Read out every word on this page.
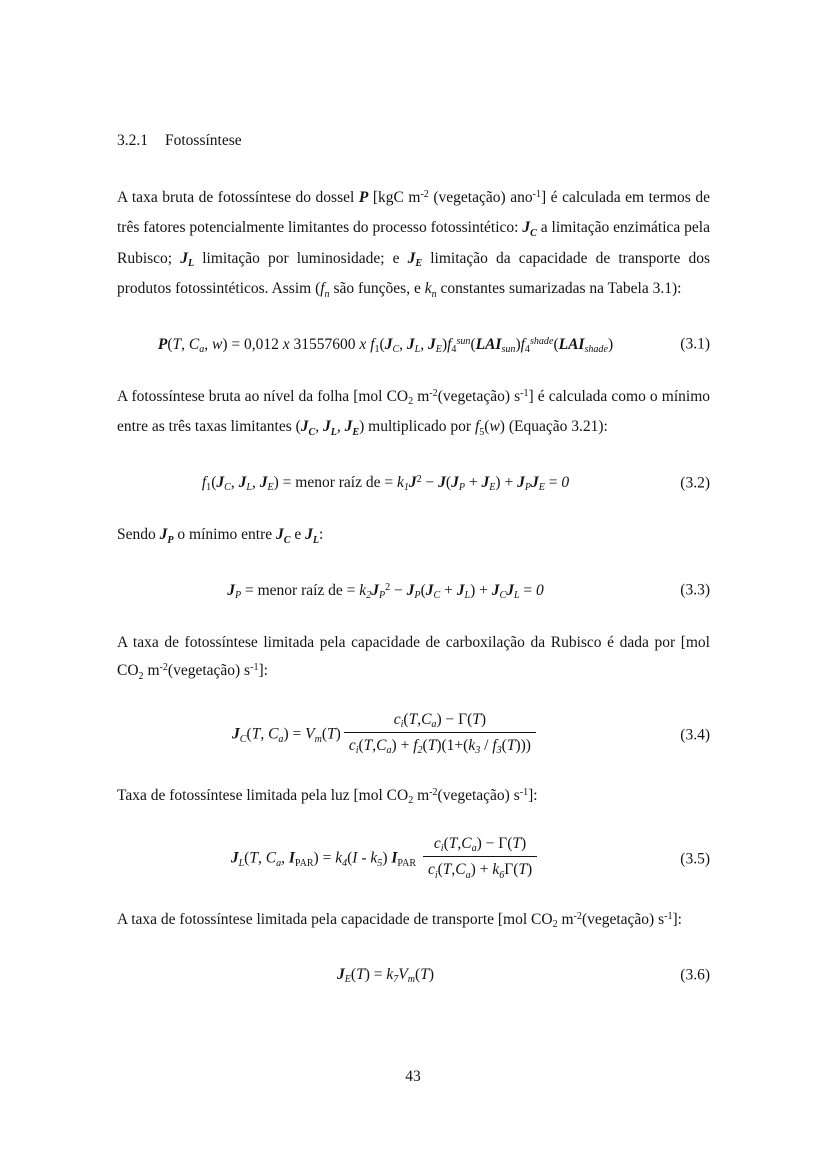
3.2.1 Fotossíntese

A taxa bruta de fotossíntese do dossel P [kgC $m^{-2}$ (vegetação) ano$^{-1}$] é calculada em termos de três fatores potencialmente limitantes do processo fotossintético: $J_C$ a limitação enzimática pela Rubisco; $J_L$ limitação por luminosidade; e $J_E$ limitação da capacidade de transporte dos produtos fotossintéticos. Assim ($f_n$ são funções, e $k_n$ constantes sumarizadas na Tabela 3.1):

P(T, $C_a$, w) = 0,012 x 31557600 x $f_1(J_C$, $J_L$, $J_E)f_4^{sun}(LAI_{sun})f_4^{shade}(LAI_{shade})$	(3.1)

A fotossíntese bruta ao nível da folha [mol $CO_2$ $m^{-2}(vegetação)$ $s^{-1}$] é calculada como o mínimo entre as três taxas limitantes ($J_C$, $J_L$, $J_E$) multiplicado por $f_5(w)$ (Equação 3.21):

$f_1(J_C$, $J_L$, $J_E$) = menor raíz de = $k_1J^2 - J(J_P + J_E) + J_PJ_E = 0$	(3.2)

Sendo $J_P$ o mínimo entre $J_C$ e $J_L$:

$J_P$ = menor raíz de = $k_2J_P^2 - J_P(J_C + J_L) + J_CJ_L = 0$	(3.3)

A taxa de fotossíntese limitada pela capacidade de carboxilação da Rubisco é dada por [mol $CO_2$ $m^{-2}(vegetação)$ $s^{-1}$]:

$J_C(T$, $C_a) = V_m(T) \frac{c_i(T,C_a) - \Gamma(T)}{c_i(T,C_a) + f_2(T)(1+(k_3 / f_3(T)))}$	(3.4)

Taxa de fotossíntese limitada pela luz [mol $CO_2$ $m^{-2}(vegetação)$ $s^{-1}$]:

$J_L(T$, $C_a$, $I_{PAR}) = k_4(I - k_5)$ $I_{PAR} \frac{c_i(T,C_a) - \Gamma(T)}{c_i(T,C_a) + k_6\Gamma(T)}$	(3.5)

A taxa de fotossíntese limitada pela capacidade de transporte [mol $CO_2$ $m^{-2}(vegetação)$ $s^{-1}$]:

$J_E(T) = k_7V_m(T)$	(3.6)
43
